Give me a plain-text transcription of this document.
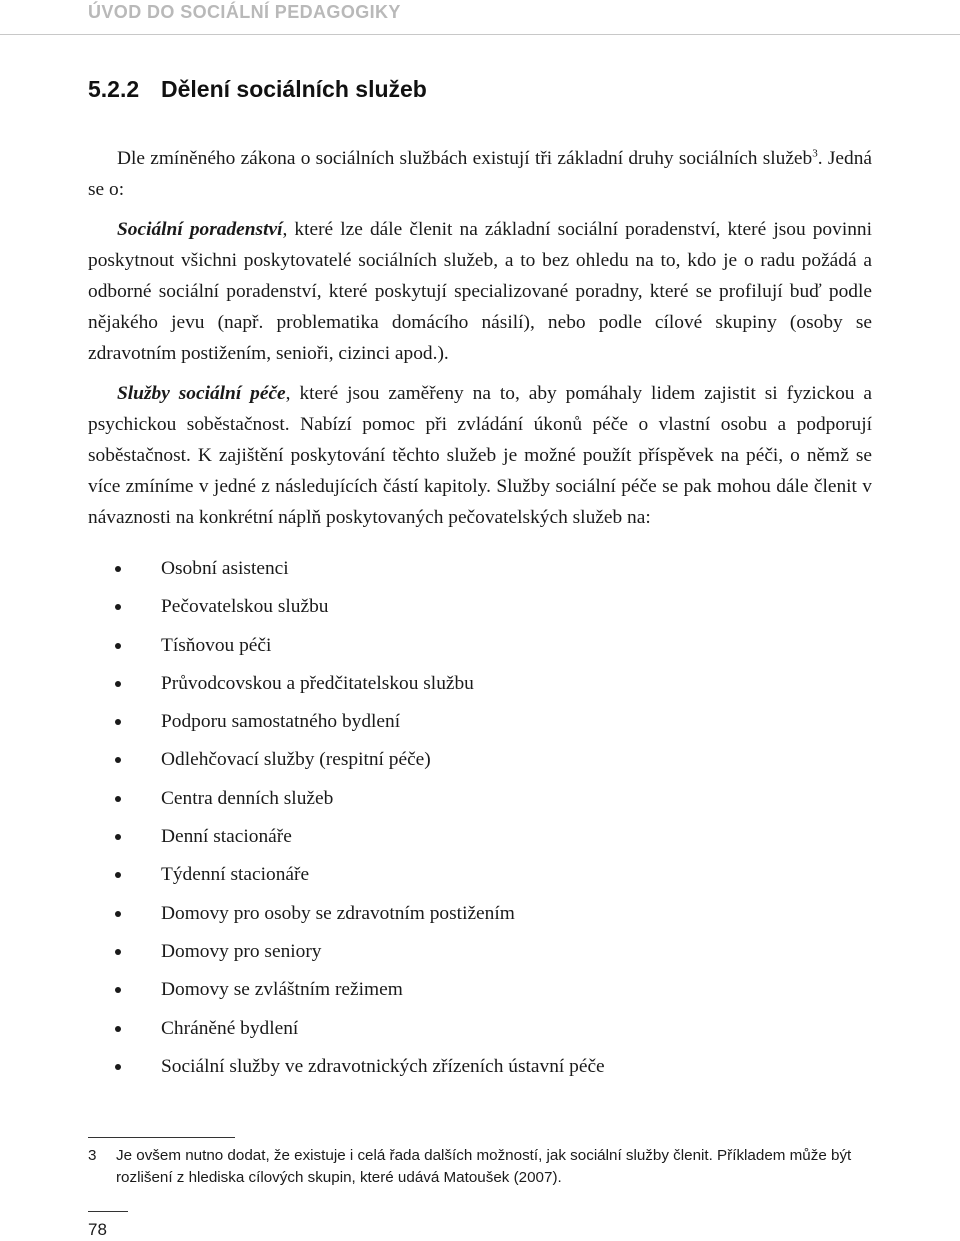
ÚVOD DO SOCIÁLNÍ PEDAGOGIKY
5.2.2 Dělení sociálních služeb

Dle zmíněného zákona o sociálních službách existují tři základní druhy sociálních služeb$^3$. Jedná se o:

Sociální poradenství, které lze dále členit na základní sociální poradenství, které jsou povinni poskytnout všichni poskytovatelé sociálních služeb, a to bez ohledu na to, kdo je o radu požádá a odborné sociální poradenství, které poskytují specializované poradny, které se profilují buď podle nějakého jevu (např. problematika domácího násilí), nebo podle cílové skupiny (osoby se zdravotním postižením, senioři, cizinci apod.).

Služby sociální péče, které jsou zaměřeny na to, aby pomáhaly lidem zajistit si fyzickou a psychickou soběstačnost. Nabízí pomoc při zvládání úkonů péče o vlastní osobu a podporují soběstačnost. K zajištění poskytování těchto služeb je možné použít příspěvek na péči, o němž se více zmíníme v jedné z následujících částí kapitoly. Služby sociální péče se pak mohou dále členit v návaznosti na konkrétní náplň poskytovaných pečovatelských služeb na:

Osobní asistenci
Pečovatelskou službu
Tísňovou péči
Průvodcovskou a předčitatelskou službu
Podporu samostatného bydlení
Odlehčovací služby (respitní péče)
Centra denních služeb
Denní stacionáře
Týdenní stacionáře
Domovy pro osoby se zdravotním postižením
Domovy pro seniory
Domovy se zvláštním režimem
Chráněné bydlení
Sociální služby ve zdravotnických zřízeních ústavní péče
3 Je ovšem nutno dodat, že existuje i celá řada dalších možností, jak sociální služby členit. Příkladem může být rozlišení z hlediska cílových skupin, které udává Matoušek (2007).
78
